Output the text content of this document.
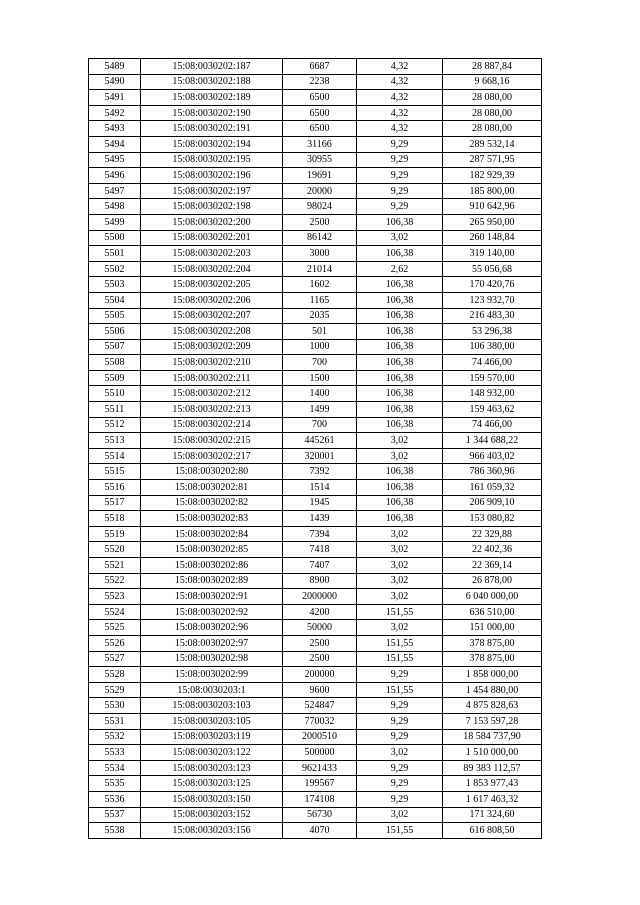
5489	15:08:0030202:187	6687	4,32	28 887,84
5490	15:08:0030202:188	2238	4,32	9 668,16
5491	15:08:0030202:189	6500	4,32	28 080,00
5492	15:08:0030202:190	6500	4,32	28 080,00
5493	15:08:0030202:191	6500	4,32	28 080,00
5494	15:08:0030202:194	31166	9,29	289 532,14
5495	15:08:0030202:195	30955	9,29	287 571,95
5496	15:08:0030202:196	19691	9,29	182 929,39
5497	15:08:0030202:197	20000	9,29	185 800,00
5498	15:08:0030202:198	98024	9,29	910 642,96
5499	15:08:0030202:200	2500	106,38	265 950,00
5500	15:08:0030202:201	86142	3,02	260 148,84
5501	15:08:0030202:203	3000	106,38	319 140,00
5502	15:08:0030202:204	21014	2,62	55 056,68
5503	15:08:0030202:205	1602	106,38	170 420,76
5504	15:08:0030202:206	1165	106,38	123 932,70
5505	15:08:0030202:207	2035	106,38	216 483,30
5506	15:08:0030202:208	501	106,38	53 296,38
5507	15:08:0030202:209	1000	106,38	106 380,00
5508	15:08:0030202:210	700	106,38	74 466,00
5509	15:08:0030202:211	1500	106,38	159 570,00
5510	15:08:0030202:212	1400	106,38	148 932,00
5511	15:08:0030202:213	1499	106,38	159 463,62
5512	15:08:0030202:214	700	106,38	74 466,00
5513	15:08:0030202:215	445261	3,02	1 344 688,22
5514	15:08:0030202:217	320001	3,02	966 403,02
5515	15:08:0030202:80	7392	106,38	786 360,96
5516	15:08:0030202:81	1514	106,38	161 059,32
5517	15:08:0030202:82	1945	106,38	206 909,10
5518	15:08:0030202:83	1439	106,38	153 080,82
5519	15:08:0030202:84	7394	3,02	22 329,88
5520	15:08:0030202:85	7418	3,02	22 402,36
5521	15:08:0030202:86	7407	3,02	22 369,14
5522	15:08:0030202:89	8900	3,02	26 878,00
5523	15:08:0030202:91	2000000	3,02	6 040 000,00
5524	15:08:0030202:92	4200	151,55	636 510,00
5525	15:08:0030202:96	50000	3,02	151 000,00
5526	15:08:0030202:97	2500	151,55	378 875,00
5527	15:08:0030202:98	2500	151,55	378 875,00
5528	15:08:0030202:99	200000	9,29	1 858 000,00
5529	15:08:0030203:1	9600	151,55	1 454 880,00
5530	15:08:0030203:103	524847	9,29	4 875 828,63
5531	15:08:0030203:105	770032	9,29	7 153 597,28
5532	15:08:0030203:119	2000510	9,29	18 584 737,90
5533	15:08:0030203:122	500000	3,02	1 510 000,00
5534	15:08:0030203:123	9621433	9,29	89 383 112,57
5535	15:08:0030203:125	199567	9,29	1 853 977,43
5536	15:08:0030203:150	174108	9,29	1 617 463,32
5537	15:08:0030203:152	56730	3,02	171 324,60
5538	15:08:0030203:156	4070	151,55	616 808,50
